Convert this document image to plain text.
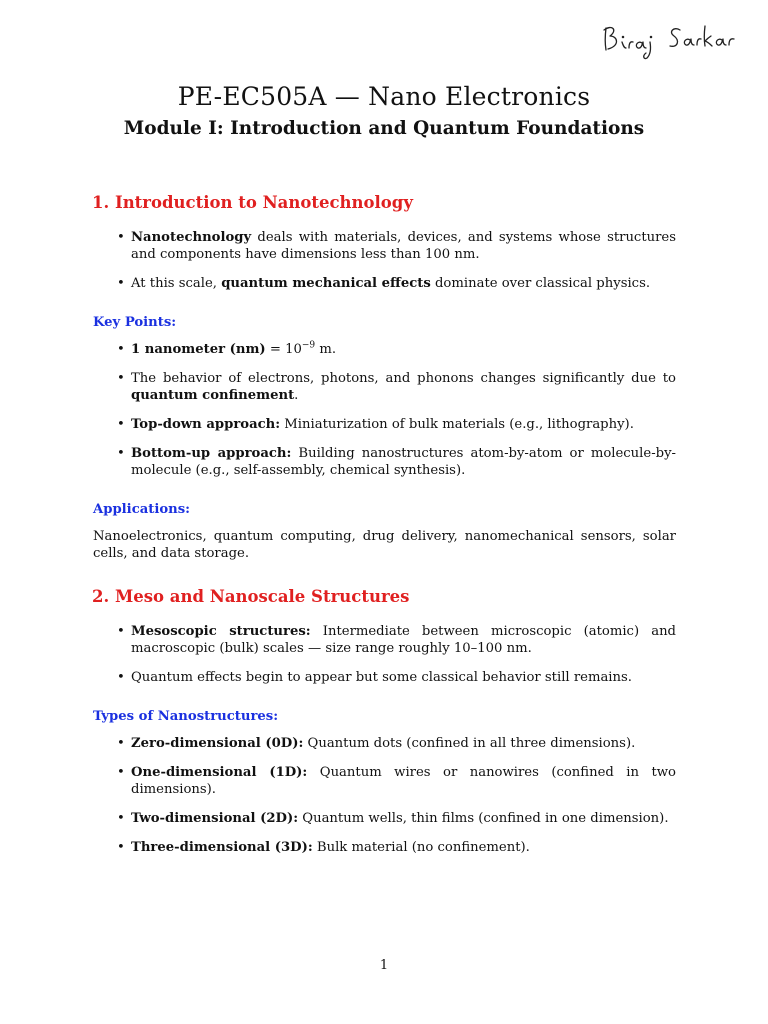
PE-EC505A — Nano Electronics
Module I: Introduction and Quantum Foundations
1. Introduction to Nanotechnology
• Nanotechnology deals with materials, devices, and systems whose structures and components have dimensions less than 100 nm.
• At this scale, quantum mechanical effects dominate over classical physics.
Key Points:
• 1 nanometer $(nm) = 10^{-9}$ m.
• The behavior of electrons, photons, and phonons changes significantly due to quantum confinement.
• Top-down approach: Miniaturization of bulk materials (e.g., lithography).
• Bottom-up approach: Building nanostructures atom-by-atom or molecule-by-molecule (e.g., self-assembly, chemical synthesis).
Applications:

Nanoelectronics, quantum computing, drug delivery, nanomechanical sensors, solar cells, and data storage.

2. Meso and Nanoscale Structures
• Mesoscopic structures: Intermediate between microscopic (atomic) and macroscopic (bulk) scales — size range roughly 10–100 nm.
• Quantum effects begin to appear but some classical behavior still remains.
Types of Nanostructures:
• Zero-dimensional (0D): Quantum dots (confined in all three dimensions).
• One-dimensional (1D): Quantum wires or nanowires (confined in two dimensions).
• Two-dimensional (2D): Quantum wells, thin films (confined in one dimension).
• Three-dimensional (3D): Bulk material (no confinement).
1
